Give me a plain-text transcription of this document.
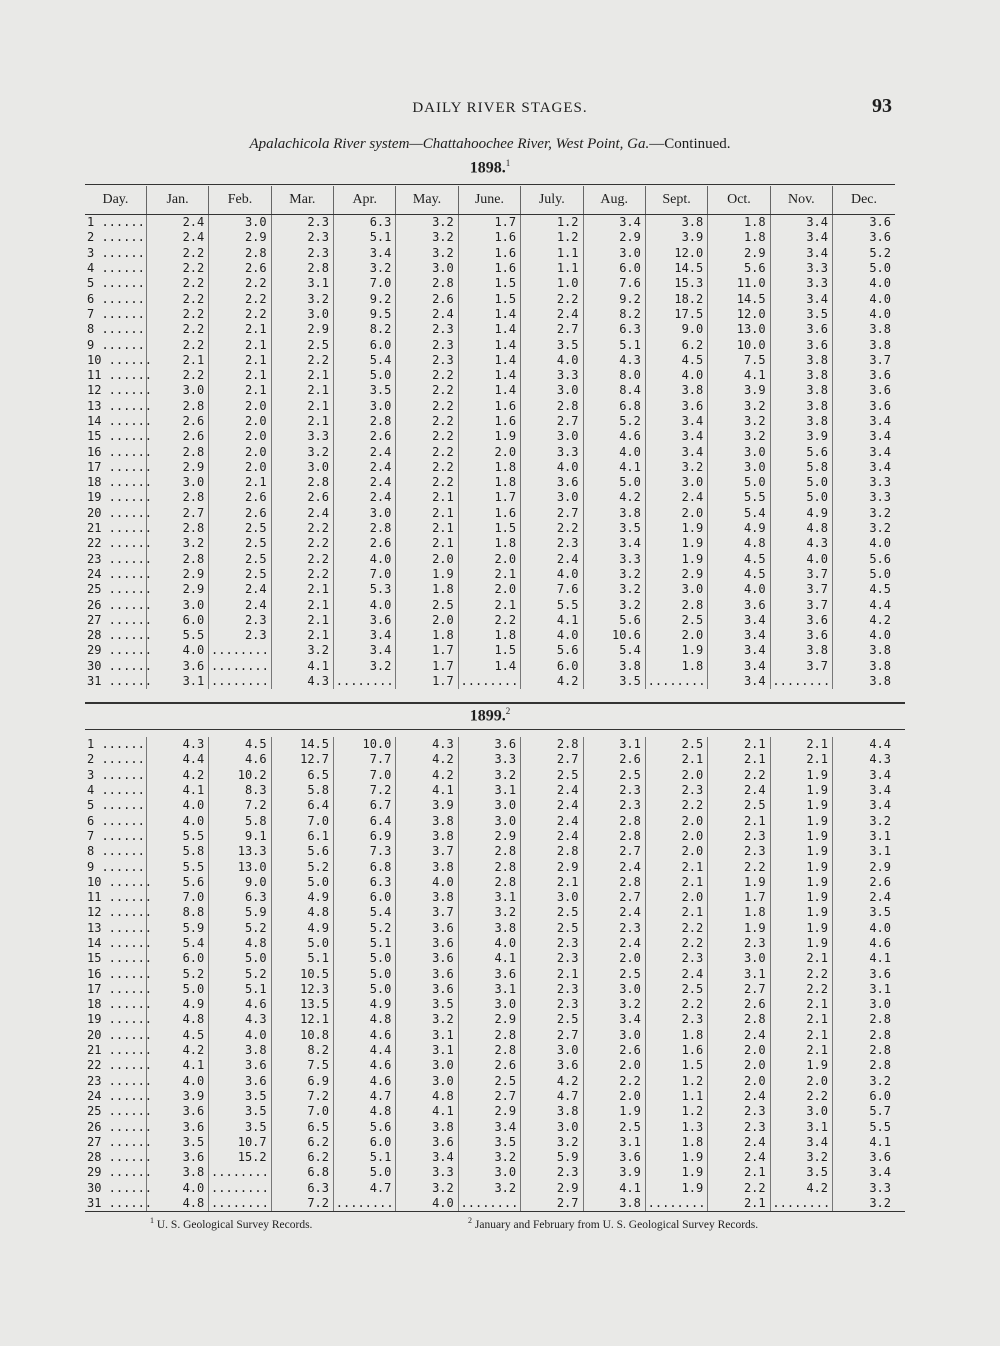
DAILY RIVER STAGES.	93
Apalachicola River system—Chattahoochee River, West Point, Ga.—Continued.
1898.$^1$
Day.	Jan.	Feb.	Mar.	Apr.	May.	June.	July.	Aug.	Sept.	Oct.	Nov.	Dec.
1 ......	2.4	3.0	2.3	6.3	3.2	1.7	1.2	3.4	3.8	1.8	3.4	3.6
2 ......	2.4	2.9	2.3	5.1	3.2	1.6	1.2	2.9	3.9	1.8	3.4	3.6
3 ......	2.2	2.8	2.3	3.4	3.2	1.6	1.1	3.0	12.0	2.9	3.4	5.2
4 ......	2.2	2.6	2.8	3.2	3.0	1.6	1.1	6.0	14.5	5.6	3.3	5.0
5 ......	2.2	2.2	3.1	7.0	2.8	1.5	1.0	7.6	15.3	11.0	3.3	4.0
6 ......	2.2	2.2	3.2	9.2	2.6	1.5	2.2	9.2	18.2	14.5	3.4	4.0
7 ......	2.2	2.2	3.0	9.5	2.4	1.4	2.4	8.2	17.5	12.0	3.5	4.0
8 ......	2.2	2.1	2.9	8.2	2.3	1.4	2.7	6.3	9.0	13.0	3.6	3.8
9 ......	2.2	2.1	2.5	6.0	2.3	1.4	3.5	5.1	6.2	10.0	3.6	3.8
10 ......	2.1	2.1	2.2	5.4	2.3	1.4	4.0	4.3	4.5	7.5	3.8	3.7
11 ......	2.2	2.1	2.1	5.0	2.2	1.4	3.3	8.0	4.0	4.1	3.8	3.6
12 ......	3.0	2.1	2.1	3.5	2.2	1.4	3.0	8.4	3.8	3.9	3.8	3.6
13 ......	2.8	2.0	2.1	3.0	2.2	1.6	2.8	6.8	3.6	3.2	3.8	3.6
14 ......	2.6	2.0	2.1	2.8	2.2	1.6	2.7	5.2	3.4	3.2	3.8	3.4
15 ......	2.6	2.0	3.3	2.6	2.2	1.9	3.0	4.6	3.4	3.2	3.9	3.4
16 ......	2.8	2.0	3.2	2.4	2.2	2.0	3.3	4.0	3.4	3.0	5.6	3.4
17 ......	2.9	2.0	3.0	2.4	2.2	1.8	4.0	4.1	3.2	3.0	5.8	3.4
18 ......	3.0	2.1	2.8	2.4	2.2	1.8	3.6	5.0	3.0	5.0	5.0	3.3
19 ......	2.8	2.6	2.6	2.4	2.1	1.7	3.0	4.2	2.4	5.5	5.0	3.3
20 ......	2.7	2.6	2.4	3.0	2.1	1.6	2.7	3.8	2.0	5.4	4.9	3.2
21 ......	2.8	2.5	2.2	2.8	2.1	1.5	2.2	3.5	1.9	4.9	4.8	3.2
22 ......	3.2	2.5	2.2	2.6	2.1	1.8	2.3	3.4	1.9	4.8	4.3	4.0
23 ......	2.8	2.5	2.2	4.0	2.0	2.0	2.4	3.3	1.9	4.5	4.0	5.6
24 ......	2.9	2.5	2.2	7.0	1.9	2.1	4.0	3.2	2.9	4.5	3.7	5.0
25 ......	2.9	2.4	2.1	5.3	1.8	2.0	7.6	3.2	3.0	4.0	3.7	4.5
26 ......	3.0	2.4	2.1	4.0	2.5	2.1	5.5	3.2	2.8	3.6	3.7	4.4
27 ......	6.0	2.3	2.1	3.6	2.0	2.2	4.1	5.6	2.5	3.4	3.6	4.2
28 ......	5.5	2.3	2.1	3.4	1.8	1.8	4.0	10.6	2.0	3.4	3.6	4.0
29 ......	4.0	........	3.2	3.4	1.7	1.5	5.6	5.4	1.9	3.4	3.8	3.8
30 ......	3.6	........	4.1	3.2	1.7	1.4	6.0	3.8	1.8	3.4	3.7	3.8
31 ......	3.1	........	4.3	........	1.7	........	4.2	3.5	........	3.4	........	3.8
1899.$^2$
1 ......	4.3	4.5	14.5	10.0	4.3	3.6	2.8	3.1	2.5	2.1	2.1	4.4
2 ......	4.4	4.6	12.7	7.7	4.2	3.3	2.7	2.6	2.1	2.1	2.1	4.3
3 ......	4.2	10.2	6.5	7.0	4.2	3.2	2.5	2.5	2.0	2.2	1.9	3.4
4 ......	4.1	8.3	5.8	7.2	4.1	3.1	2.4	2.3	2.3	2.4	1.9	3.4
5 ......	4.0	7.2	6.4	6.7	3.9	3.0	2.4	2.3	2.2	2.5	1.9	3.4
6 ......	4.0	5.8	7.0	6.4	3.8	3.0	2.4	2.8	2.0	2.1	1.9	3.2
7 ......	5.5	9.1	6.1	6.9	3.8	2.9	2.4	2.8	2.0	2.3	1.9	3.1
8 ......	5.8	13.3	5.6	7.3	3.7	2.8	2.8	2.7	2.0	2.3	1.9	3.1
9 ......	5.5	13.0	5.2	6.8	3.8	2.8	2.9	2.4	2.1	2.2	1.9	2.9
10 ......	5.6	9.0	5.0	6.3	4.0	2.8	2.1	2.8	2.1	1.9	1.9	2.6
11 ......	7.0	6.3	4.9	6.0	3.8	3.1	3.0	2.7	2.0	1.7	1.9	2.4
12 ......	8.8	5.9	4.8	5.4	3.7	3.2	2.5	2.4	2.1	1.8	1.9	3.5
13 ......	5.9	5.2	4.9	5.2	3.6	3.8	2.5	2.3	2.2	1.9	1.9	4.0
14 ......	5.4	4.8	5.0	5.1	3.6	4.0	2.3	2.4	2.2	2.3	1.9	4.6
15 ......	6.0	5.0	5.1	5.0	3.6	4.1	2.3	2.0	2.3	3.0	2.1	4.1
16 ......	5.2	5.2	10.5	5.0	3.6	3.6	2.1	2.5	2.4	3.1	2.2	3.6
17 ......	5.0	5.1	12.3	5.0	3.6	3.1	2.3	3.0	2.5	2.7	2.2	3.1
18 ......	4.9	4.6	13.5	4.9	3.5	3.0	2.3	3.2	2.2	2.6	2.1	3.0
19 ......	4.8	4.3	12.1	4.8	3.2	2.9	2.5	3.4	2.3	2.8	2.1	2.8
20 ......	4.5	4.0	10.8	4.6	3.1	2.8	2.7	3.0	1.8	2.4	2.1	2.8
21 ......	4.2	3.8	8.2	4.4	3.1	2.8	3.0	2.6	1.6	2.0	2.1	2.8
22 ......	4.1	3.6	7.5	4.6	3.0	2.6	3.6	2.0	1.5	2.0	1.9	2.8
23 ......	4.0	3.6	6.9	4.6	3.0	2.5	4.2	2.2	1.2	2.0	2.0	3.2
24 ......	3.9	3.5	7.2	4.7	4.8	2.7	4.7	2.0	1.1	2.4	2.2	6.0
25 ......	3.6	3.5	7.0	4.8	4.1	2.9	3.8	1.9	1.2	2.3	3.0	5.7
26 ......	3.6	3.5	6.5	5.6	3.8	3.4	3.0	2.5	1.3	2.3	3.1	5.5
27 ......	3.5	10.7	6.2	6.0	3.6	3.5	3.2	3.1	1.8	2.4	3.4	4.1
28 ......	3.6	15.2	6.2	5.1	3.4	3.2	5.9	3.6	1.9	2.4	3.2	3.6
29 ......	3.8	........	6.8	5.0	3.3	3.0	2.3	3.9	1.9	2.1	3.5	3.4
30 ......	4.0	........	6.3	4.7	3.2	3.2	2.9	4.1	1.9	2.2	4.2	3.3
31 ......	4.8	........	7.2	........	4.0	........	2.7	3.8	........	2.1	........	3.2
$^1$ U. S. Geological Survey Records.	$^2$ January and February from U. S. Geological Survey Records.
